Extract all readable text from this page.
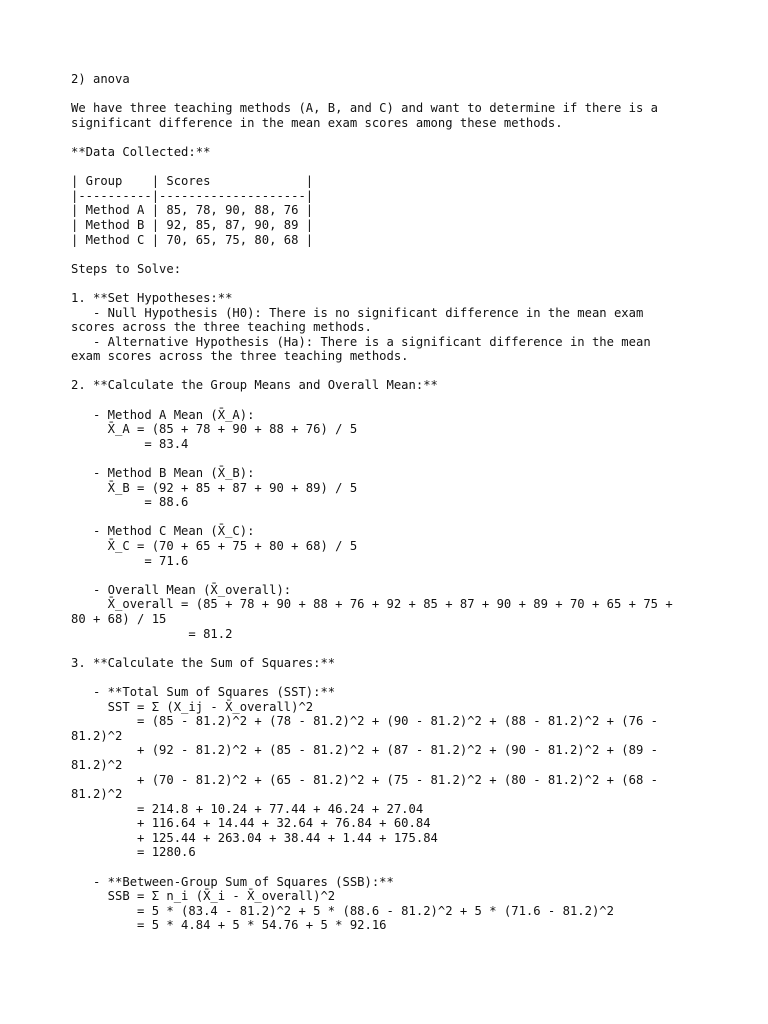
2) anova
We have three teaching methods (A, B, and C) and want to determine if there is a
significant difference in the mean exam scores among these methods.
**Data Collected:**
| Group    | Scores             |
|----------|--------------------|
| Method A | 85, 78, 90, 88, 76 |
| Method B | 92, 85, 87, 90, 89 |
| Method C | 70, 65, 75, 80, 68 |
Steps to Solve:
1. **Set Hypotheses:**
- Null Hypothesis (H0): There is no significant difference in the mean exam
scores across the three teaching methods.
- Alternative Hypothesis (Ha): There is a significant difference in the mean
exam scores across the three teaching methods.
2. **Calculate the Group Means and Overall Mean:**
- Method A Mean (X̄_A):
X̄_A = (85 + 78 + 90 + 88 + 76) / 5
= 83.4
- Method B Mean (X̄_B):
X̄_B = (92 + 85 + 87 + 90 + 89) / 5
= 88.6
- Method C Mean (X̄_C):
X̄_C = (70 + 65 + 75 + 80 + 68) / 5
= 71.6
- Overall Mean (X̄_overall):
X̄_overall = (85 + 78 + 90 + 88 + 76 + 92 + 85 + 87 + 90 + 89 + 70 + 65 + 75 +
80 + 68) / 15
= 81.2
3. **Calculate the Sum of Squares:**
- **Total Sum of Squares (SST):**
SST = Σ (X_ij - X̄_overall)^2
= (85 - 81.2)^2 + (78 - 81.2)^2 + (90 - 81.2)^2 + (88 - 81.2)^2 + (76 -
81.2)^2
+ (92 - 81.2)^2 + (85 - 81.2)^2 + (87 - 81.2)^2 + (90 - 81.2)^2 + (89 -
81.2)^2
+ (70 - 81.2)^2 + (65 - 81.2)^2 + (75 - 81.2)^2 + (80 - 81.2)^2 + (68 -
81.2)^2
= 214.8 + 10.24 + 77.44 + 46.24 + 27.04
+ 116.64 + 14.44 + 32.64 + 76.84 + 60.84
+ 125.44 + 263.04 + 38.44 + 1.44 + 175.84
= 1280.6
- **Between-Group Sum of Squares (SSB):**
SSB = Σ n_i (X̄_i - X̄_overall)^2
= 5 * (83.4 - 81.2)^2 + 5 * (88.6 - 81.2)^2 + 5 * (71.6 - 81.2)^2
= 5 * 4.84 + 5 * 54.76 + 5 * 92.16
